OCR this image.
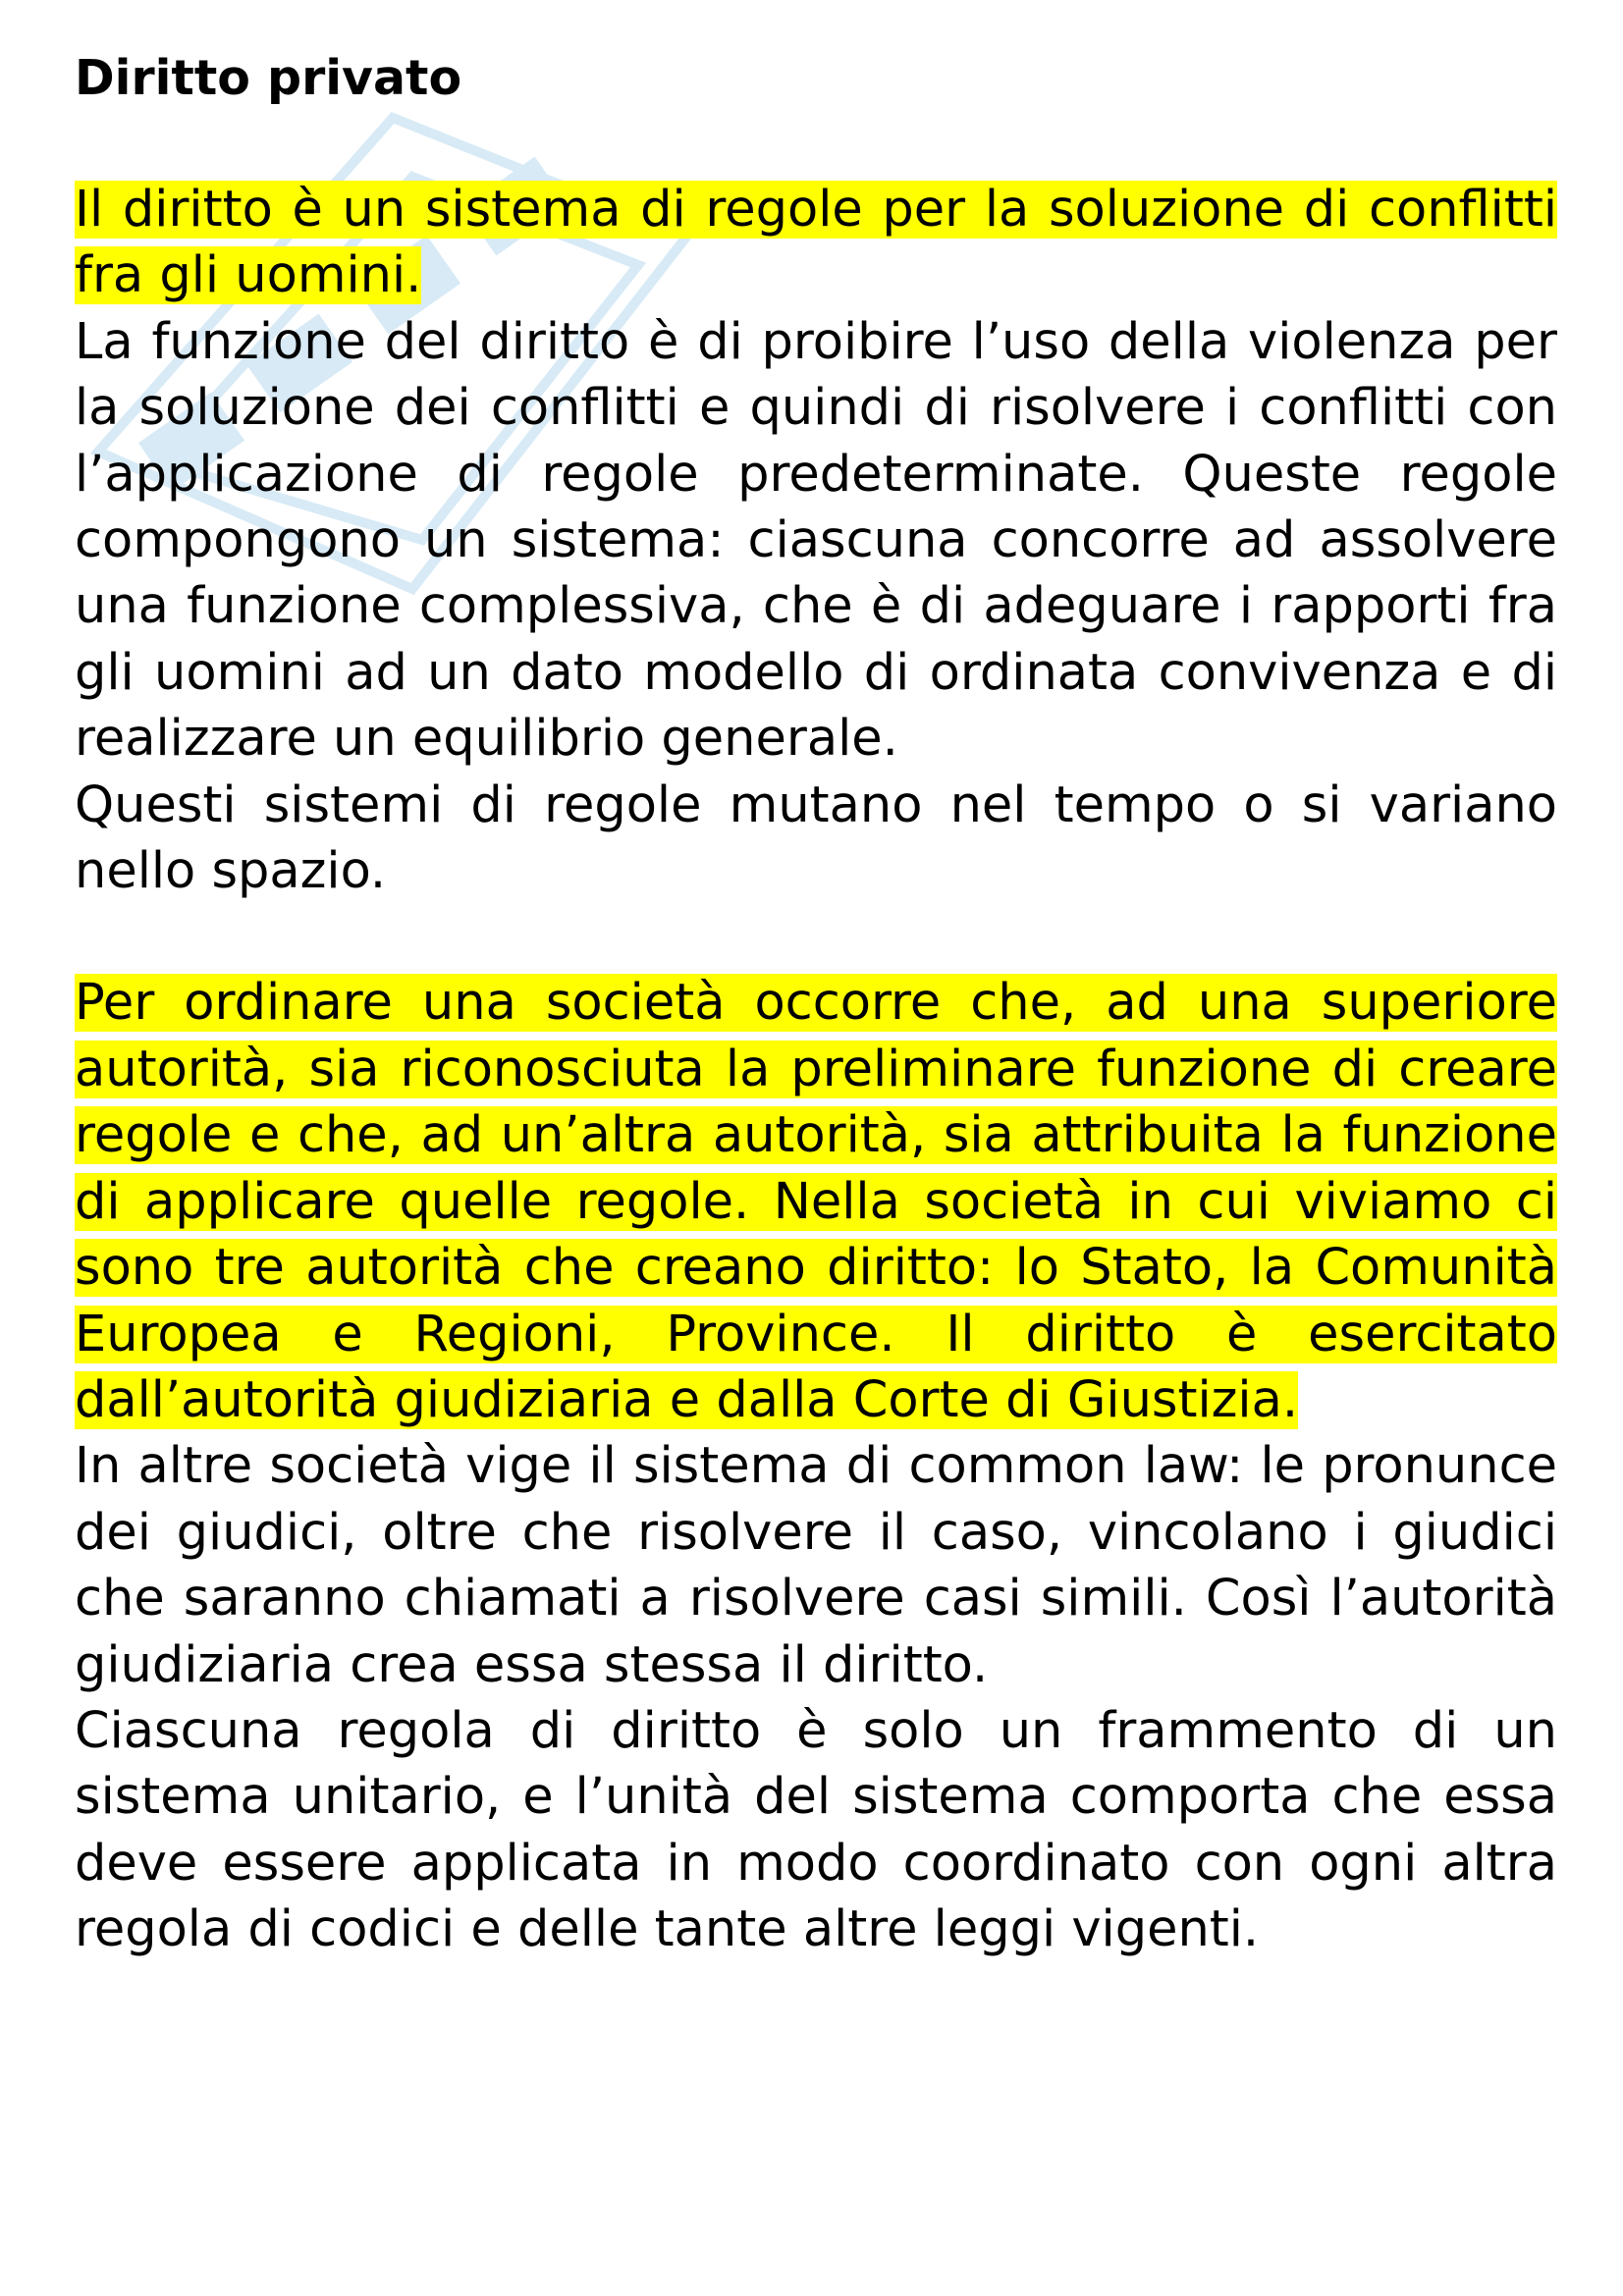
Diritto privato

Il diritto è un sistema di regole per la soluzione di conflitti fra gli uomini.

La funzione del diritto è di proibire l’uso della violenza per la soluzione dei conflitti e quindi di risolvere i conflitti con l’applicazione di regole predeterminate. Queste regole compongono un sistema: ciascuna concorre ad assolvere una funzione complessiva, che è di adeguare i rapporti fra gli uomini ad un dato modello di ordinata convivenza e di realizzare un equilibrio generale.

Questi sistemi di regole mutano nel tempo o si variano nello spazio.

Per ordinare una società occorre che, ad una superiore autorità, sia riconosciuta la preliminare funzione di creare regole e che, ad un’altra autorità, sia attribuita la funzione di applicare quelle regole. Nella società in cui viviamo ci sono tre autorità che creano diritto: lo Stato, la Comunità Europea e Regioni, Province. Il diritto è esercitato dall’autorità giudiziaria e dalla Corte di Giustizia.

In altre società vige il sistema di common law: le pronunce dei giudici, oltre che risolvere il caso, vincolano i giudici che saranno chiamati a risolvere casi simili. Così l’autorità giudiziaria crea essa stessa il diritto.

Ciascuna regola di diritto è solo un frammento di un sistema unitario, e l’unità del sistema comporta che essa deve essere applicata in modo coordinato con ogni altra regola di codici e delle tante altre leggi vigenti.
